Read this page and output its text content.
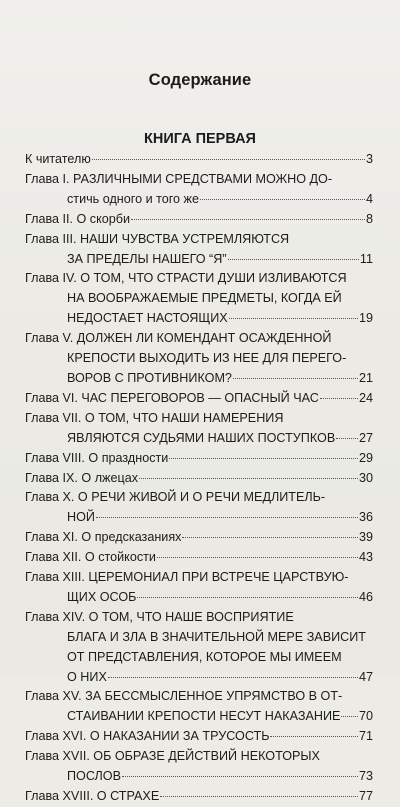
Содержание
КНИГА ПЕРВАЯ
К читателю	3
Глава I. РАЗЛИЧНЫМИ СРЕДСТВАМИ МОЖНО ДО-
стичь одного и того же	4
Глава II. О скорби	8
Глава III. НАШИ ЧУВСТВА УСТРЕМЛЯЮТСЯ
ЗА ПРЕДЕЛЫ НАШЕГО “Я”	11
Глава IV. О ТОМ, ЧТО СТРАСТИ ДУШИ ИЗЛИВАЮТСЯ
НА ВООБРАЖАЕМЫЕ ПРЕДМЕТЫ, КОГДА ЕЙ
НЕДОСТАЕТ НАСТОЯЩИХ	19
Глава V. ДОЛЖЕН ЛИ КОМЕНДАНТ ОСАЖДЕННОЙ
КРЕПОСТИ ВЫХОДИТЬ ИЗ НЕЕ ДЛЯ ПЕРЕГО-
ВОРОВ С ПРОТИВНИКОМ?	21
Глава VI. ЧАС ПЕРЕГОВОРОВ — ОПАСНЫЙ ЧАС	24
Глава VII. О ТОМ, ЧТО НАШИ НАМЕРЕНИЯ
ЯВЛЯЮТСЯ СУДЬЯМИ НАШИХ ПОСТУПКОВ 27
Глава VIII. О праздности	29
Глава IX. О лжецах	30
Глава X. О РЕЧИ ЖИВОЙ И О РЕЧИ МЕДЛИТЕЛЬ-
НОЙ	36
Глава XI. О предсказаниях	39
Глава XII. О стойкости	43
Глава XIII. ЦЕРЕМОНИАЛ ПРИ ВСТРЕЧЕ ЦАРСТВУЮ-
ЩИХ ОСОБ	46
Глава XIV. О ТОМ, ЧТО НАШЕ ВОСПРИЯТИЕ
БЛАГА И ЗЛА В ЗНАЧИТЕЛЬНОЙ МЕРЕ ЗАВИСИТ
ОТ ПРЕДСТАВЛЕНИЯ, КОТОРОЕ МЫ ИМЕЕМ
О НИХ	47
Глава XV. ЗА БЕССМЫСЛЕННОЕ УПРЯМСТВО В ОТ-
СТАИВАНИИ КРЕПОСТИ НЕСУТ НАКАЗАНИЕ 70
Глава XVI. О НАКАЗАНИИ ЗА ТРУСОСТЬ	71
Глава XVII. ОБ ОБРАЗЕ ДЕЙСТВИЙ НЕКОТОРЫХ
ПОСЛОВ	73
Глава XVIII. О СТРАХЕ	77
